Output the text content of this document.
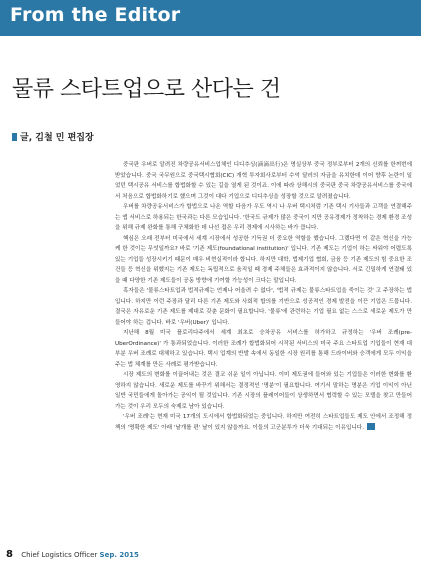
From the Editor
물류 스타트업으로 산다는 건
글, 김철 민 편집장

중국판 우버로 알려진 차량공유서비스업체인 디디추싱(滴滴出行)은 명실상부 중국 정부로부터 2개의 신뢰를 한꺼번에 받았습니다. 중국 국무원으로 중국택시협회(CIC) 개혁 투자회사로부터 수억 달러의 자금을 유치한데 이어 향후 논란이 일었던 택시공유 서비스를 합법화할 수 있는 길을 열게 된 것이죠. 이에 따라 상해시의 중국판 중국 차량공유서비스를 중국에서 처음으로 합법화하기로 했으며 그것이 대다 기업으로 디디추싱을 성장할 것으로 알려졌습니다.

우버를 차량공유서비스가 합법으로 나온 역할 다음가 우도 역시 나 우버 택시처럼 기존 택시 기사들과 고객을 연결해주는 앱 서비스로 하용되는 한국과는 다른 모습입니다. '한국도 규제가 많은 중국이 지만 공유경제가 정착하는 경제 환경 조성을 위해 규제 완화를 통해 구체화한 데 나선 접은 우리 경제에 시사하는 바가 큽니다.

핵심은 오래 전부터 미국에서 세계 시장에서 성공한 기득권 더 중요한 역할을 했습니다. 그랬다면 이 같은 혁신을 가능케 한 것이는 무엇일까요? 바로 '기존 제도(foundational institution)' 입니다. 기존 제도는 기업이 하는 싸워야 어렵도록 있는 기업들 성장시키기 때문이 매우 비현실적이라 합니다. 하지만 대학, 법제기업 협회, 금융 등 기존 제도의 힘 중요한 조건들 등 혁신을 위했지는 기존 제도는 독립적으로 움직일 때 경제 주체들은 효과적이지 않습니다. 서로 긴밀하게 연결돼 있을 때 다양한 기존 제도들이 공동 방향에 기여할 가능성이 크다는 말입니다.

혹자들은 '물류스타트업과 법적규제는 언제나 어울려 수 없다', '법적 규제는 물류스타트업을 죽이는 것' 고 주장하는 법입니다. 하지만 이런 주장과 달리 다른 기존 제도와 사회적 합의를 기반으로 성공적인 경제 발전을 이끈 기업은 드뭅니다. 결국은 자유로운 기존 제도를 제대로 갖춘 문화이 필요합니다. '물류'에 관련하는 기업 필요 없는 스스로 새로운 제도가 만들어야 하는 겁니다. 바로 '우버(Uber)' 입니다.

지난해 8월 미국 플로리다주에서 세계 최초로 승차공유 서비스를 허가하고 규정하는 '우버 조례(pre-UberOrdinance)' 가 통과되었습니다. 이러한 조례가 합법화되어 시작된 서비스의 미국 주요 스타트업 기업들이 현재 대부분 우버 조례로 대체하고 있습니다. 택시 업계의 반발 속에서 동일한 시장 원리를 통해 드라이버와 승객에게 모두 이익을 주는 법 체계를 만든 사례로 평가받습니다.

시장 제도의 변화를 이끌어내는 것은 결코 쉬운 일이 아닙니다. 이미 제도권에 들어와 있는 기업들은 이러한 변화를 환영하지 않습니다. 새로운 제도를 바꾸기 위해서는 결정적인 '명분'이 필요합니다. 여기서 말하는 명분은 기업 이익이 아닌 일반 국민들에게 돌아가는 공익이 될 것입니다. 기존 시장의 플레이어들이 상생하면서 협력할 수 있는 모델을 찾고 만들어가는 것이 우리 모두의 숙제로 남아 있습니다.

'우버 조례'는 현재 미국 17개의 도시에서 합법화되었는 중입니다. 하지만 여전히 스타트업들도 제도 안에서 조정해 정책의 '명확한 제도' 아래 '날개를 편' 날이 있지 않을까요. 이들의 고군분투가 더욱 기대되는 이유입니다.

8 Chief Logistics Officer Sep. 2015
